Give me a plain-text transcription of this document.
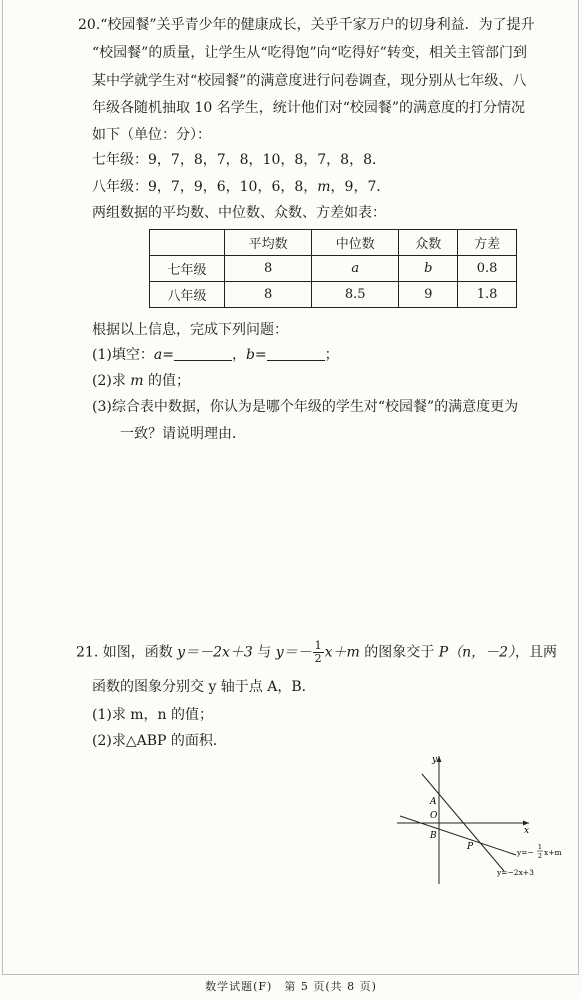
20.“校园餐”关乎青少年的健康成长，关乎千家万户的切身利益．为了提升
“校园餐”的质量，让学生从“吃得饱”向“吃得好”转变，相关主管部门到
某中学就学生对“校园餐”的满意度进行问卷调查，现分别从七年级、八
年级各随机抽取 10 名学生，统计他们对“校园餐”的满意度的打分情况
如下（单位：分）：
七年级：9，7，8，7，8，10，8，7，8，8．
八年级：9，7，9，6，10，6，8，m，9，7．
两组数据的平均数、中位数、众数、方差如表：
	平均数	中位数	众数	方差
七年级	8	a	b	0.8
八年级	8	8.5	9	1.8
根据以上信息，完成下列问题：
(1)填空：a=	，b=	；
(2)求 m 的值；
(3)综合表中数据，你认为是哪个年级的学生对“校园餐”的满意度更为
一致？请说明理由．
21. 如图，函数 y＝－2x＋3 与 $y=- \frac{1}{2} x+m$ 的图象交于 P（n，－2），且两
函数的图象分别交 y 轴于点 A，B．
(1)求 m，n 的值；
(2)求△ABP 的面积．
y
x
A
O
B
P
y=−
1
2 x+m
y=−2x+3
数学试题(F)　第 5 页(共 8 页)
